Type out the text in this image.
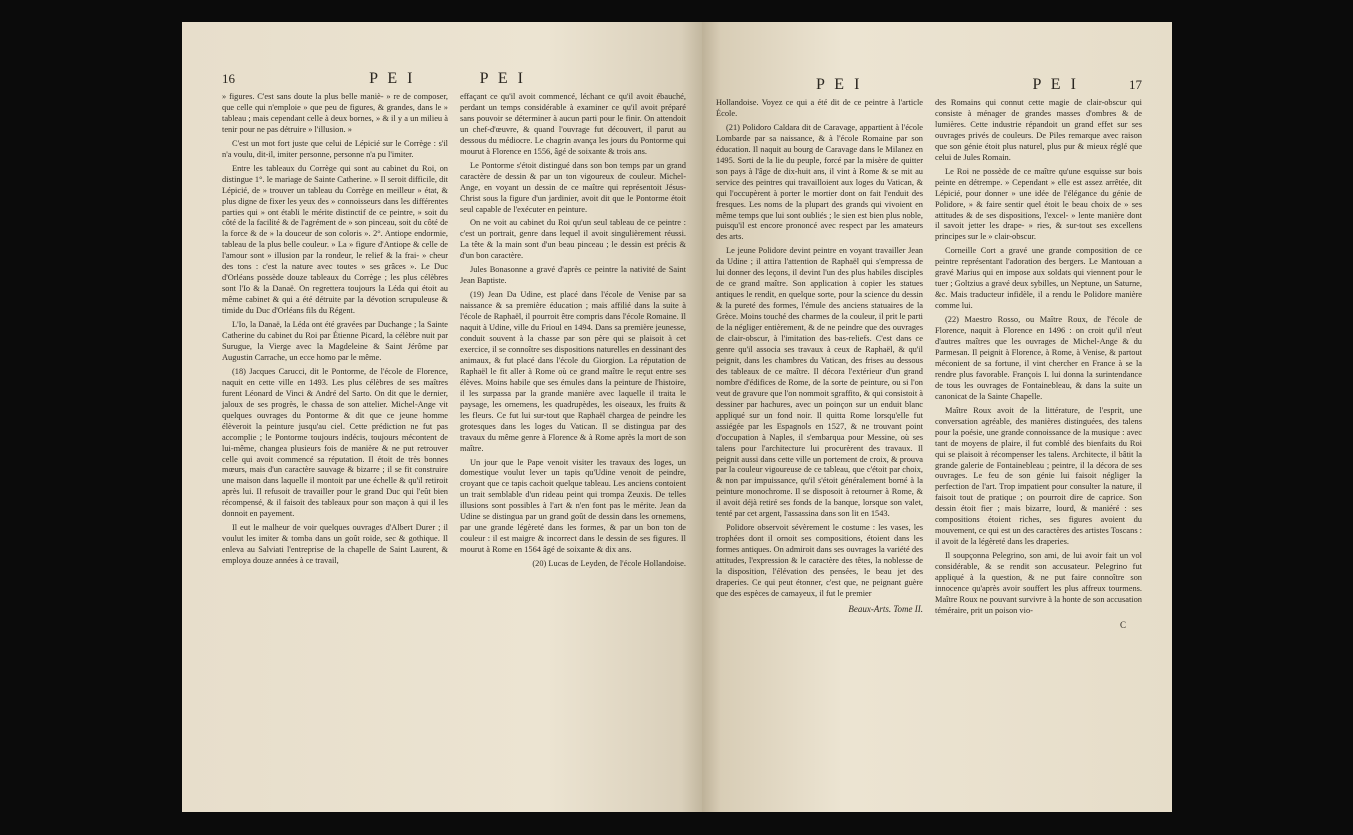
16	P E I	P E I

» figures. C'est sans doute la plus belle maniè- » re de composer, que celle qui n'emploie » que peu de figures, & grandes, dans le » tableau ; mais cependant celle à deux bornes, » & il y a un milieu à tenir pour ne pas détruire » l'illusion. »

C'est un mot fort juste que celui de Lépicié sur le Corrège : s'il n'a voulu, dit-il, imiter personne, personne n'a pu l'imiter.

Entre les tableaux du Corrège qui sont au cabinet du Roi, on distingue 1°. le mariage de Sainte Catherine. » Il seroit difficile, dit Lépicié, de » trouver un tableau du Corrège en meilleur » état, & plus digne de fixer les yeux des » connoisseurs dans les différentes parties qui » ont établi le mérite distinctif de ce peintre, » soit du côté de la facilité & de l'agrément de » son pinceau, soit du côté de la force & de » la douceur de son coloris ». 2°. Antiope endormie, tableau de la plus belle couleur. » La » figure d'Antiope & celle de l'amour sont » illusion par la rondeur, le relief & la frai- » cheur des tons : c'est la nature avec toutes » ses grâces ». Le Duc d'Orléans possède douze tableaux du Corrège ; les plus célèbres sont l'Io & la Danaë. On regrettera toujours la Léda qui étoit au même cabinet & qui a été détruite par la dévotion scrupuleuse & timide du Duc d'Orléans fils du Régent.

L'Io, la Danaë, la Léda ont été gravées par Duchange ; la Sainte Catherine du cabinet du Roi par Étienne Picard, la célèbre nuit par Surugue, la Vierge avec la Magdeleine & Saint Jérôme par Augustin Carrache, un ecce homo par le même.

(18) Jacques Carucci, dit le Pontorme, de l'école de Florence, naquit en cette ville en 1493. Les plus célèbres de ses maîtres furent Léonard de Vinci & André del Sarto. On dit que le dernier, jaloux de ses progrès, le chassa de son attelier. Michel-Ange vit quelques ouvrages du Pontorme & dit que ce jeune homme élèveroit la peinture jusqu'au ciel. Cette prédiction ne fut pas accomplie ; le Pontorme toujours indécis, toujours mécontent de lui-même, changea plusieurs fois de manière & ne put retrouver celle qui avoit commencé sa réputation. Il étoit de très bonnes mœurs, mais d'un caractère sauvage & bizarre ; il se fit construire une maison dans laquelle il montoit par une échelle & qu'il retiroit après lui. Il refusoit de travailler pour le grand Duc qui l'eût bien récompensé, & il faisoit des tableaux pour son maçon à qui il les donnoit en payement.

Il eut le malheur de voir quelques ouvrages d'Albert Durer ; il voulut les imiter & tomba dans un goût roide, sec & gothique. Il enleva au Salviati l'entreprise de la chapelle de Saint Laurent, & employa douze années à ce travail,

effaçant ce qu'il avoit commencé, léchant ce qu'il avoit ébauché, perdant un temps considérable à examiner ce qu'il avoit préparé sans pouvoir se déterminer à aucun parti pour le finir. On attendoit un chef-d'œuvre, & quand l'ouvrage fut découvert, il parut au dessous du médiocre. Le chagrin avança les jours du Pontorme qui mourut à Florence en 1556, âgé de soixante & trois ans.

Le Pontorme s'étoit distingué dans son bon temps par un grand caractère de dessin & par un ton vigoureux de couleur. Michel-Ange, en voyant un dessin de ce maître qui représentoit Jésus-Christ sous la figure d'un jardinier, avoit dit que le Pontorme étoit seul capable de l'exécuter en peinture.

On ne voit au cabinet du Roi qu'un seul tableau de ce peintre : c'est un portrait, genre dans lequel il avoit singulièrement réussi. La tête & la main sont d'un beau pinceau ; le dessin est précis & d'un bon caractère.

Jules Bonasonne a gravé d'après ce peintre la nativité de Saint Jean Baptiste.

(19) Jean Da Udine, est placé dans l'école de Venise par sa naissance & sa première éducation ; mais affilié dans la suite à l'école de Raphaël, il pourroit être compris dans l'école Romaine. Il naquit à Udine, ville du Frioul en 1494. Dans sa première jeunesse, conduit souvent à la chasse par son père qui se plaisoit à cet exercice, il se connoître ses dispositions naturelles en dessinant des animaux, & fut placé dans l'école du Giorgion. La réputation de Raphaël le fit aller à Rome où ce grand maître le reçut entre ses élèves. Moins habile que ses émules dans la peinture de l'histoire, il les surpassa par la grande manière avec laquelle il traita le paysage, les ornemens, les quadrupèdes, les oiseaux, les fruits & les fleurs. Ce fut lui sur-tout que Raphaël chargea de peindre les grotesques dans les loges du Vatican. Il se distingua par des travaux du même genre à Florence & à Rome après la mort de son maître.

Un jour que le Pape venoit visiter les travaux des loges, un domestique voulut lever un tapis qu'Udine venoit de peindre, croyant que ce tapis cachoit quelque tableau. Les anciens contoient un trait semblable d'un rideau peint qui trompa Zeuxis. De telles illusions sont possibles à l'art & n'en font pas le mérite. Jean da Udine se distingua par un grand goût de dessin dans les ornemens, par une grande légèreté dans les formes, & par un bon ton de couleur : il est maigre & incorrect dans le dessin de ses figures. Il mourut à Rome en 1564 âgé de soixante & dix ans.

(20) Lucas de Leyden, de l'école Hollandoise.

P E I	P E I	17

Hollandoise. Voyez ce qui a été dit de ce peintre à l'article École.

(21) Polidoro Caldara dit de Caravage, appartient à l'école Lombarde par sa naissance, & à l'école Romaine par son éducation. Il naquit au bourg de Caravage dans le Milanez en 1495. Sorti de la lie du peuple, forcé par la misère de quitter son pays à l'âge de dix-huit ans, il vint à Rome & se mit au service des peintres qui travailloient aux loges du Vatican, & qui l'occupèrent à porter le mortier dont on fait l'enduit des fresques. Les noms de la plupart des grands qui vivoient en même temps que lui sont oubliés ; le sien est bien plus noble, puisqu'il est encore prononcé avec respect par les amateurs des arts.

Le jeune Polidore devint peintre en voyant travailler Jean da Udine ; il attira l'attention de Raphaël qui s'empressa de lui donner des leçons, il devint l'un des plus habiles disciples de ce grand maître. Son application à copier les statues antiques le rendit, en quelque sorte, pour la science du dessin & la pureté des formes, l'émule des anciens statuaires de la Grèce. Moins touché des charmes de la couleur, il prit le parti de la négliger entièrement, & de ne peindre que des ouvrages de clair-obscur, à l'imitation des bas-reliefs. C'est dans ce genre qu'il associa ses travaux à ceux de Raphaël, & qu'il peignit, dans les chambres du Vatican, des frises au dessous des tableaux de ce maître. Il décora l'extérieur d'un grand nombre d'édifices de Rome, de la sorte de peinture, ou si l'on veut de gravure que l'on nommoit sgraffito, & qui consistoit à dessiner par hachures, avec un poinçon sur un enduit blanc appliqué sur un fond noir. Il quitta Rome lorsqu'elle fut assiégée par les Espagnols en 1527, & ne trouvant point d'occupation à Naples, il s'embarqua pour Messine, où ses talens pour l'architecture lui procurèrent des travaux. Il peignit aussi dans cette ville un portement de croix, & prouva par la couleur vigoureuse de ce tableau, que c'étoit par choix, & non par impuissance, qu'il s'étoit généralement borné à la peinture monochrome. Il se disposoit à retourner à Rome, & il avoit déjà retiré ses fonds de la banque, lorsque son valet, tenté par cet argent, l'assassina dans son lit en 1543.

Polidore observoit sévèrement le costume : les vases, les trophées dont il ornoit ses compositions, étoient dans les formes antiques. On admiroit dans ses ouvrages la variété des attitudes, l'expression & le caractère des têtes, la noblesse de la disposition, l'élévation des pensées, le beau jet des draperies. Ce qui peut étonner, c'est que, ne peignant guère que des espèces de camayeux, il fut le premier

Beaux-Arts. Tome II.

des Romains qui connut cette magie de clair-obscur qui consiste à ménager de grandes masses d'ombres & de lumières. Cette industrie répandoit un grand effet sur ses ouvrages privés de couleurs. De Piles remarque avec raison que son génie étoit plus naturel, plus pur & mieux réglé que celui de Jules Romain.

Le Roi ne possède de ce maître qu'une esquisse sur bois peinte en détrempe. » Cependant » elle est assez arrêtée, dit Lépicié, pour donner » une idée de l'élégance du génie de Polidore, » & faire sentir quel étoit le beau choix de » ses attitudes & de ses dispositions, l'excel- » lente manière dont il savoit jetter les drape- » ries, & sur-tout ses excellens principes sur le » clair-obscur.

Corneille Cort a gravé une grande composition de ce peintre représentant l'adoration des bergers. Le Mantouan a gravé Marius qui en impose aux soldats qui viennent pour le tuer ; Goltzius a gravé deux sybilles, un Neptune, un Saturne, &c. Mais traducteur infidèle, il a rendu le Polidore manière comme lui.

(22) Maestro Rosso, ou Maître Roux, de l'école de Florence, naquit à Florence en 1496 : on croit qu'il n'eut d'autres maîtres que les ouvrages de Michel-Ange & du Parmesan. Il peignit à Florence, à Rome, à Venise, & partout méconient de sa fortune, il vint chercher en France à se la rendre plus favorable. François I. lui donna la surintendance de tous les ouvrages de Fontainebleau, & dans la suite un canonicat de la Sainte Chapelle.

Maître Roux avoit de la littérature, de l'esprit, une conversation agréable, des manières distinguées, des talens pour la poésie, une grande connoissance de la musique : avec tant de moyens de plaire, il fut comblé des bienfaits du Roi qui se plaisoit à récompenser les talens. Architecte, il bâtit la grande galerie de Fontainebleau ; peintre, il la décora de ses ouvrages. Le feu de son génie lui faisoit négliger la perfection de l'art. Trop impatient pour consulter la nature, il faisoit tout de pratique ; on pourroit dire de caprice. Son dessin étoit fier ; mais bizarre, lourd, & maniéré : ses compositions étoient riches, ses figures avoient du mouvement, ce qui est un des caractères des artistes Toscans : il avoit de la légèreté dans les draperies.

Il soupçonna Pelegrino, son ami, de lui avoir fait un vol considérable, & se rendit son accusateur. Pelegrino fut appliqué à la question, & ne put faire connoître son innocence qu'après avoir souffert les plus affreux tourmens. Maître Roux ne pouvant survivre à la honte de son accusation téméraire, prit un poison vio-

C
